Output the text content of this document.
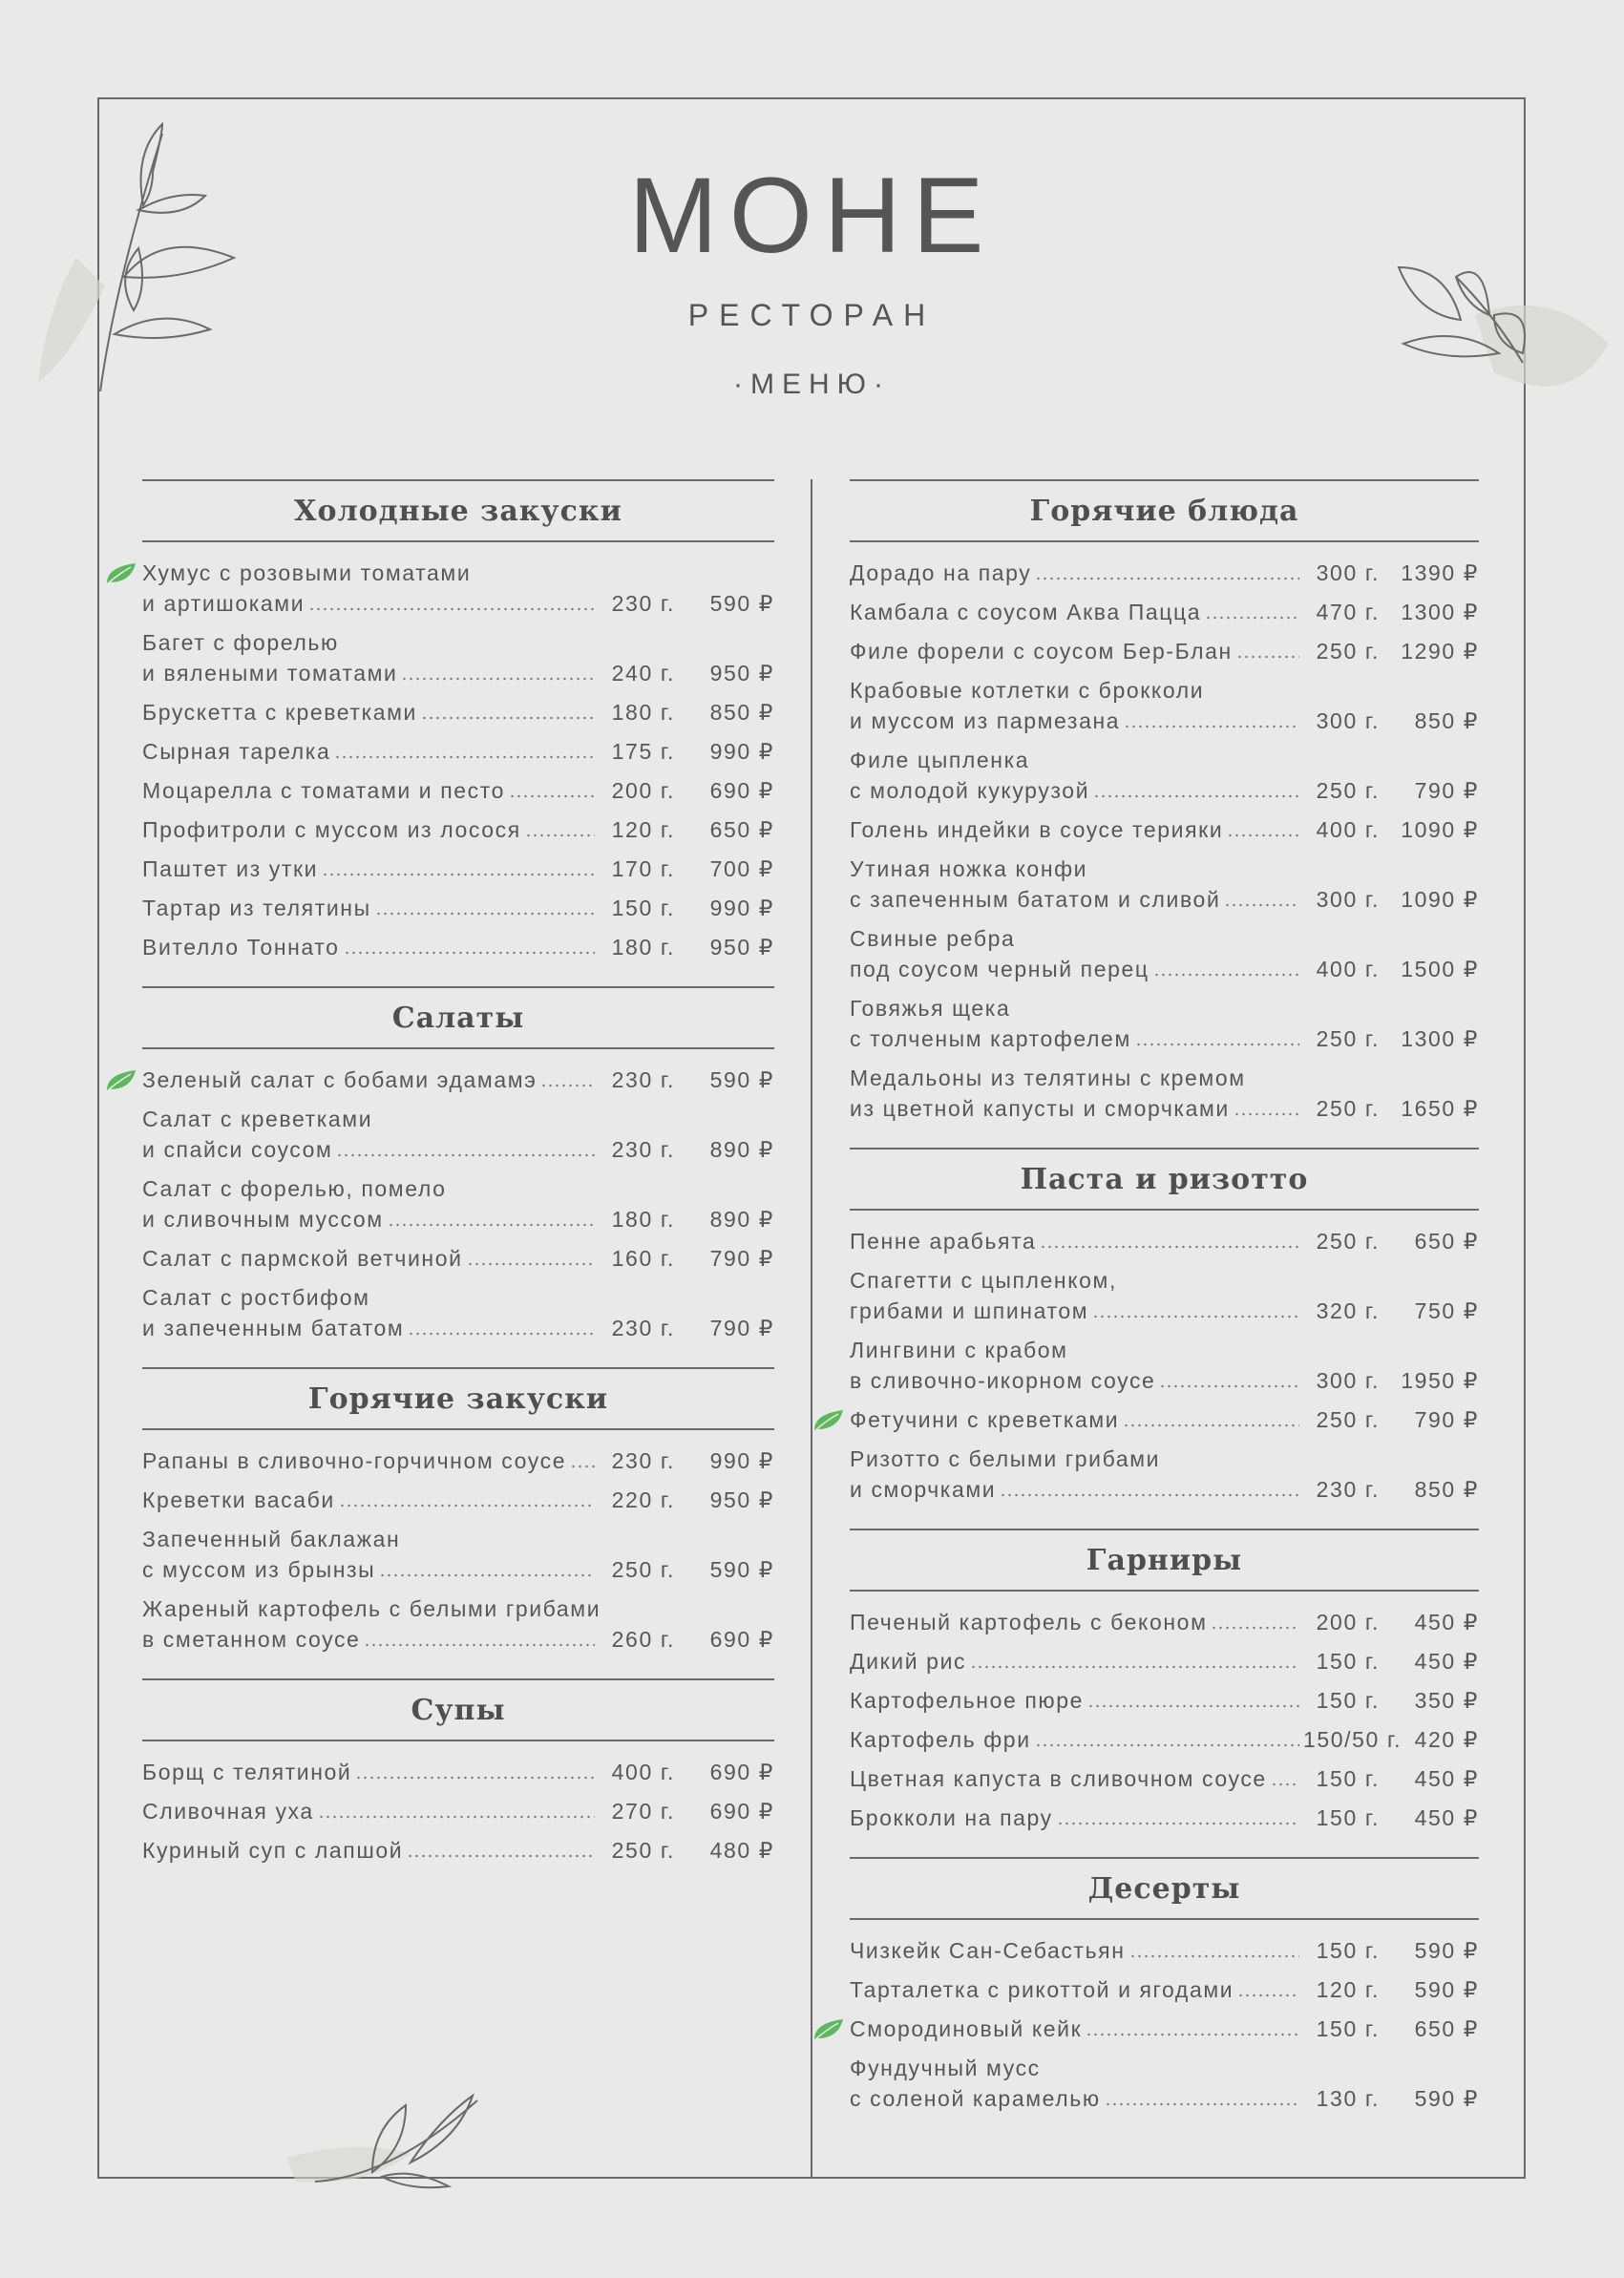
МОНЕ
РЕСТОРАН
·МЕНЮ·
Холодные закуски
Хумус с розовыми томатами
и артишоками	230 г.	590 ₽
Багет с форелью
и вялеными томатами	240 г.	950 ₽
Брускетта с креветками	180 г.	850 ₽
Сырная тарелка	175 г.	990 ₽
Моцарелла с томатами и песто	200 г.	690 ₽
Профитроли с муссом из лосося	120 г.	650 ₽
Паштет из утки	170 г.	700 ₽
Тартар из телятины	150 г.	990 ₽
Вителло Тоннато	180 г.	950 ₽
Салаты
Зеленый салат с бобами эдамамэ	230 г.	590 ₽
Салат с креветками
и спайси соусом	230 г.	890 ₽
Салат с форелью, помело
и сливочным муссом	180 г.	890 ₽
Салат с пармской ветчиной	160 г.	790 ₽
Салат с ростбифом
и запеченным бататом	230 г.	790 ₽
Горячие закуски
Рапаны в сливочно-горчичном соусе	230 г.	990 ₽
Креветки васаби	220 г.	950 ₽
Запеченный баклажан
с муссом из брынзы	250 г.	590 ₽
Жареный картофель с белыми грибами
в сметанном соусе	260 г.	690 ₽
Супы
Борщ с телятиной	400 г.	690 ₽
Сливочная уха	270 г.	690 ₽
Куриный суп с лапшой	250 г.	480 ₽
Горячие блюда
Дорадо на пару	300 г. 1390 ₽
Камбала с соусом Аква Пацца	470 г. 1300 ₽
Филе форели с соусом Бер-Блан	250 г. 1290 ₽
Крабовые котлетки с брокколи
и муссом из пармезана	300 г.	850 ₽
Филе цыпленка
с молодой кукурузой	250 г.	790 ₽
Голень индейки в соусе терияки	400 г. 1090 ₽
Утиная ножка конфи
с запеченным бататом и сливой	300 г. 1090 ₽
Свиные ребра
под соусом черный перец	400 г. 1500 ₽
Говяжья щека
с толченым картофелем	250 г. 1300 ₽
Медальоны из телятины с кремом
из цветной капусты и сморчками	250 г. 1650 ₽
Паста и ризотто
Пенне арабьята	250 г.	650 ₽
Спагетти с цыпленком,
грибами и шпинатом	320 г.	750 ₽
Лингвини с крабом
в сливочно-икорном соусе	300 г. 1950 ₽
Фетучини с креветками	250 г.	790 ₽
Ризотто с белыми грибами
и сморчками	230 г.	850 ₽
Гарниры
Печеный картофель с беконом	200 г.	450 ₽
Дикий рис	150 г.	450 ₽
Картофельное пюре	150 г.	350 ₽
Картофель фри	150/50 г. 420 ₽
Цветная капуста в сливочном соусе	150 г.	450 ₽
Брокколи на пару	150 г.	450 ₽
Десерты
Чизкейк Сан-Себастьян	150 г.	590 ₽
Тарталетка с рикоттой и ягодами	120 г.	590 ₽
Смородиновый кейк	150 г.	650 ₽
Фундучный мусс
с соленой карамелью	130 г.	590 ₽
